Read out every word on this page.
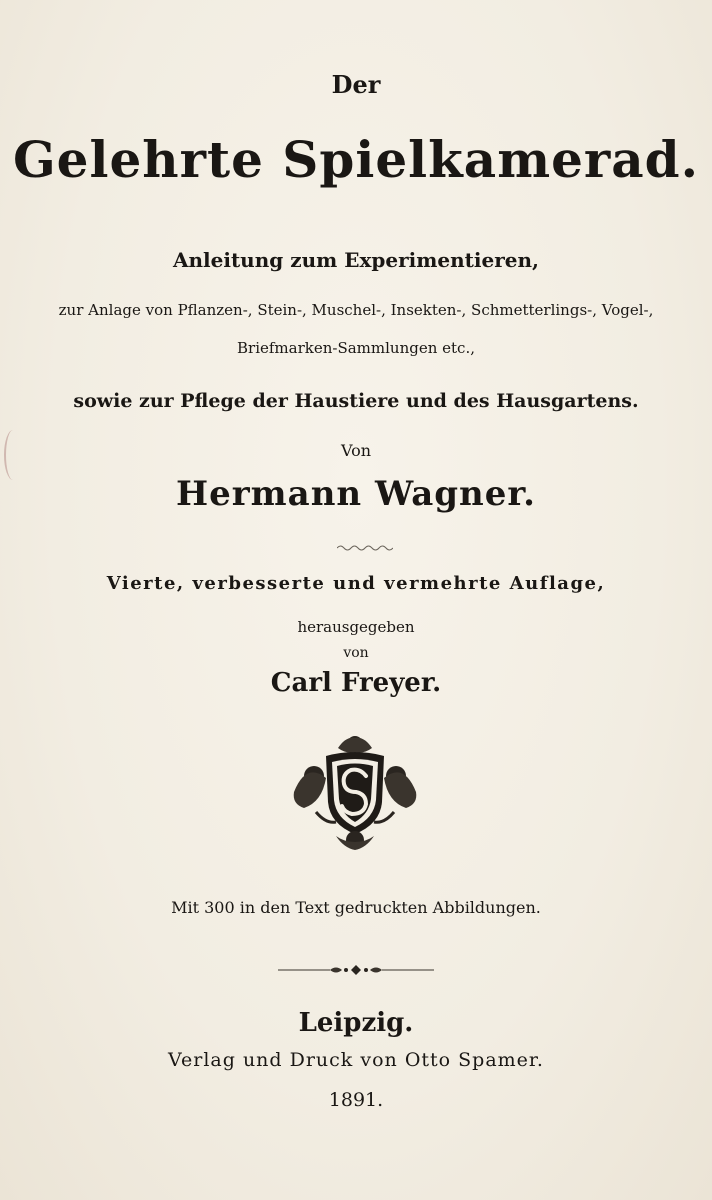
Der
Gelehrte Spielkamerad.
Anleitung zum Experimentieren,
zur Anlage von Pflanzen-, Stein-, Muschel-, Insekten-, Schmetterlings-, Vogel-,
Briefmarken-Sammlungen etc.,
sowie zur Pflege der Haustiere und des Hausgartens.
Von
Hermann Wagner.
Vierte, verbesserte und vermehrte Auflage,
herausgegeben
von
Carl Freyer.
Mit 300 in den Text gedruckten Abbildungen.
Leipzig.
Verlag und Druck von Otto Spamer.
1891.
